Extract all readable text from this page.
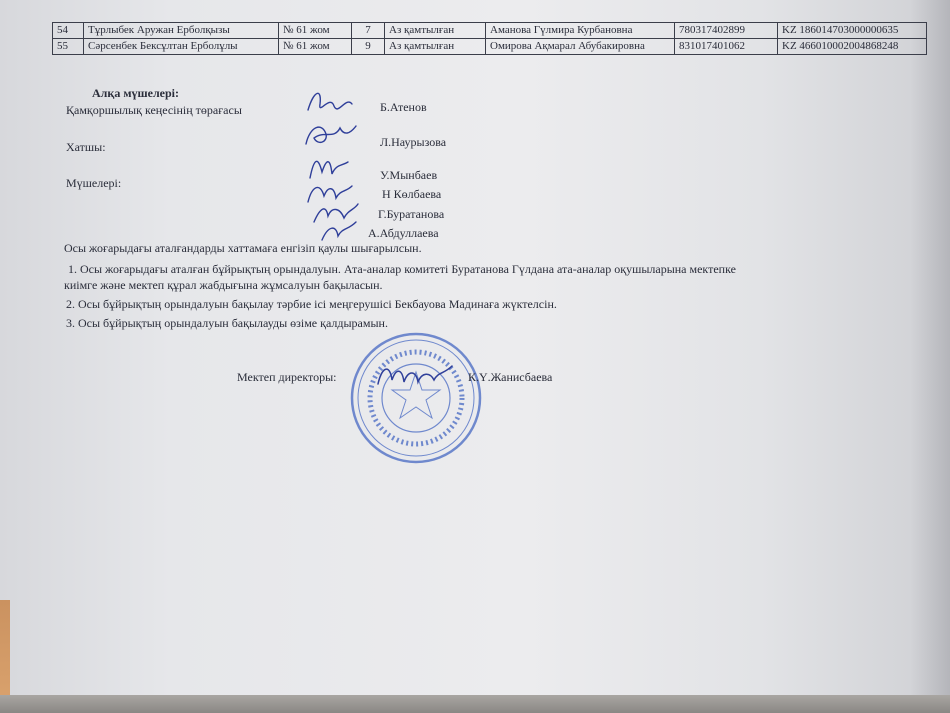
54	Тұрлыбек Аружан Ерболқызы	№ 61 жом	7	Аз қамтылған	Аманова Гүлмира Курбановна	780317402899	KZ 186014703000000635
55	Сәрсенбек Бексұлтан Ерболұлы	№ 61 жом	9	Аз қамтылған	Омирова Ақмарал Абубакировна	831017401062	KZ 466010002004868248
Алқа мүшелері:
Қамқоршылық кеңесінің төрағасы	Б.Атенов
Хатшы:	Л.Наурызова
Мүшелері:
У.Мынбаев
Н Көлбаева
Г.Буратанова
А.Абдуллаева
Осы жоғарыдағы аталғандарды хаттамаға енгізіп қаулы шығарылсын.
1. Осы жоғарыдағы аталған бұйрықтың орындалуын. Ата-аналар комитеті Буратанова Гүлдана ата-аналар оқушыларына мектепке
киімге және мектеп құрал жабдығына жұмсалуын бақыласын.
2. Осы бұйрықтың орындалуын бақылау тәрбие ісі меңгерушісі Бекбауова Мадинаға жүктелсін.
3. Осы бұйрықтың орындалуын бақылауды өзіме қалдырамын.
Мектеп директоры:	К.Ү.Жанисбаева
